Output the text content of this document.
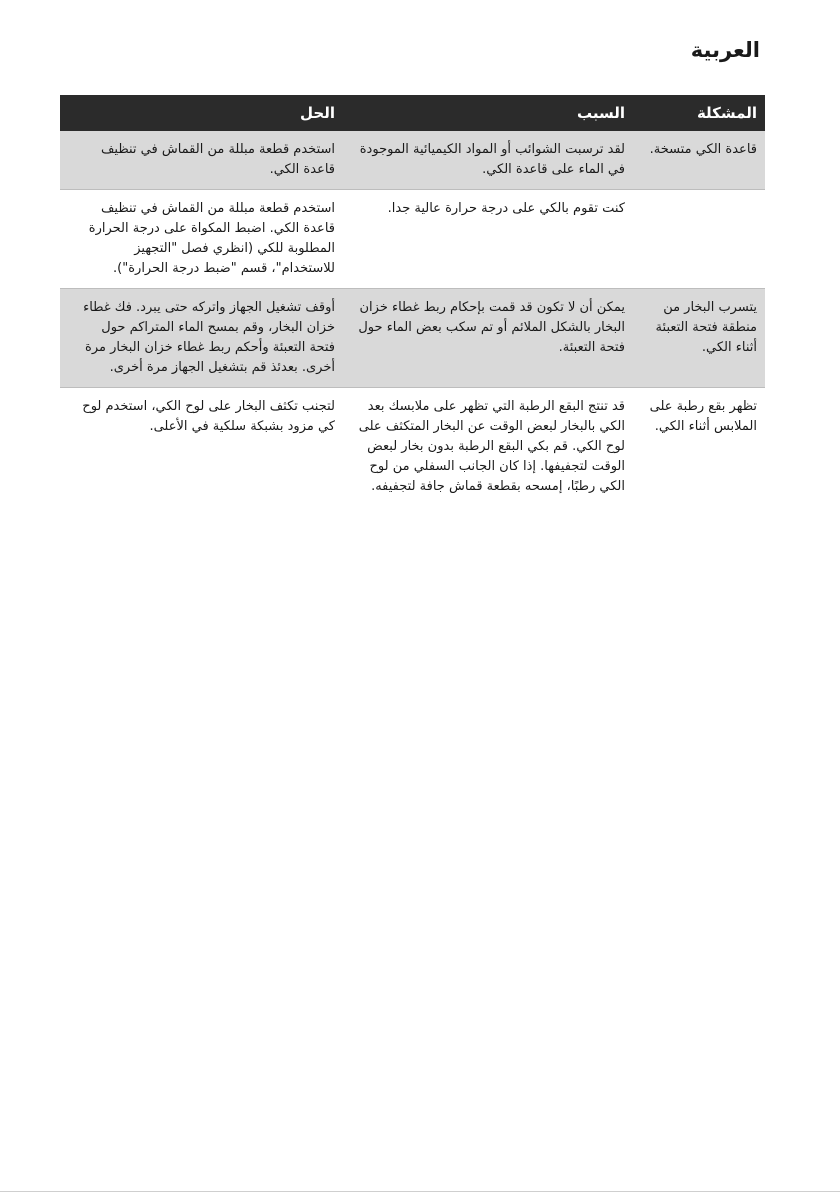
العربية
المشكلة	السبب	الحل
قاعدة الكي متسخة.	لقد ترسبت الشوائب أو المواد الكيميائية الموجودة في الماء على قاعدة الكي.	استخدم قطعة مبللة من القماش في تنظيف قاعدة الكي.
	كنت تقوم بالكي على درجة حرارة عالية جدا.	استخدم قطعة مبللة من القماش في تنظيف قاعدة الكي. اضبط المكواة على درجة الحرارة المطلوبة للكي (انظري فصل "التجهيز للاستخدام"، قسم "ضبط درجة الحرارة").
يتسرب البخار من منطقة فتحة التعبئة أثناء الكي.	يمكن أن لا تكون قد قمت بإحكام ربط غطاء خزان البخار بالشكل الملائم أو تم سكب بعض الماء حول فتحة التعبئة.	أوقف تشغيل الجهاز واتركه حتى يبرد. فك غطاء خزان البخار، وقم بمسح الماء المتراكم حول فتحة التعبئة وأحكم ربط غطاء خزان البخار مرة أخرى. بعدئذ قم بتشغيل الجهاز مرة أخرى.
تظهر بقع رطبة على الملابس أثناء الكي.	قد تنتج البقع الرطبة التي تظهر على ملابسك بعد الكي بالبخار لبعض الوقت عن البخار المتكثف على لوح الكي. قم بكي البقع الرطبة بدون بخار لبعض الوقت لتجفيفها. إذا كان الجانب السفلي من لوح الكي رطبًا، إمسحه بقطعة قماش جافة لتجفيفه.	لتجنب تكثف البخار على لوح الكي، استخدم لوح كي مزود بشبكة سلكية في الأعلى.
